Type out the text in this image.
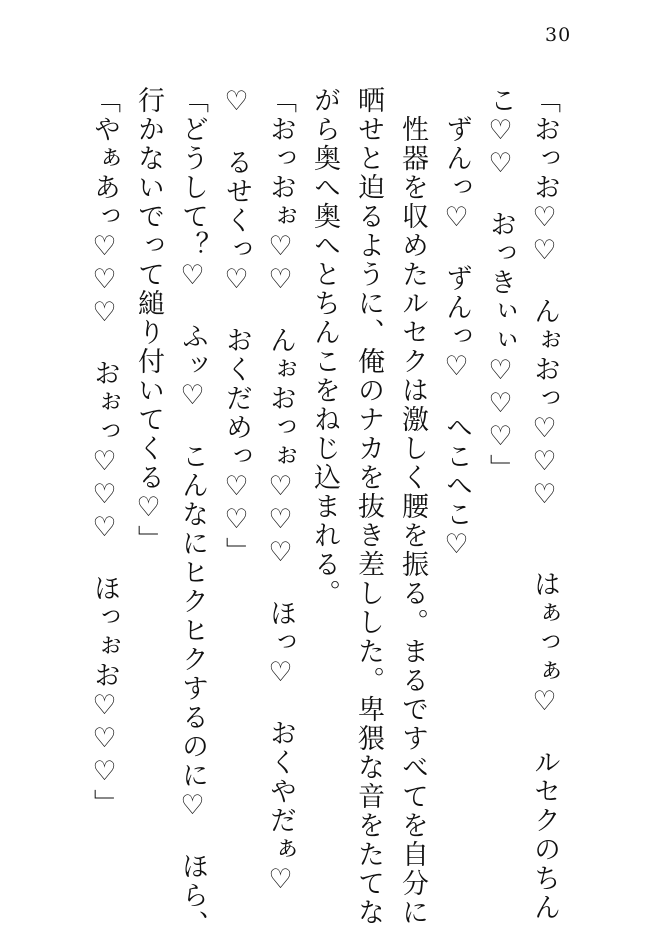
30
「おっお♡♡　んぉおっ♡♡♡　　はぁっぁ♡　ルセクのちん
こ♡♡　おっきぃぃ♡♡♡」
　ずんっ♡　ずんっ♡　へこへこ♡
　性器を収めたルセクは激しく腰を振る。まるですべてを自分に
晒せと迫るように、俺のナカを抜き差しした。卑猥な音をたてな
がら奥へ奥へとちんこをねじ込まれる。
「おっおぉ♡♡　んぉおっぉ♡♡♡　ほっ♡　おくやだぁ♡
♡　るせくっ♡　おくだめっ♡♡」
「どうして？♡　ふッ♡　こんなにヒクヒクするのに♡　ほら、
行かないでって縋り付いてくる♡」
「やぁあっ♡♡♡　おぉっ♡♡♡　ほっぉお♡♡♡」
